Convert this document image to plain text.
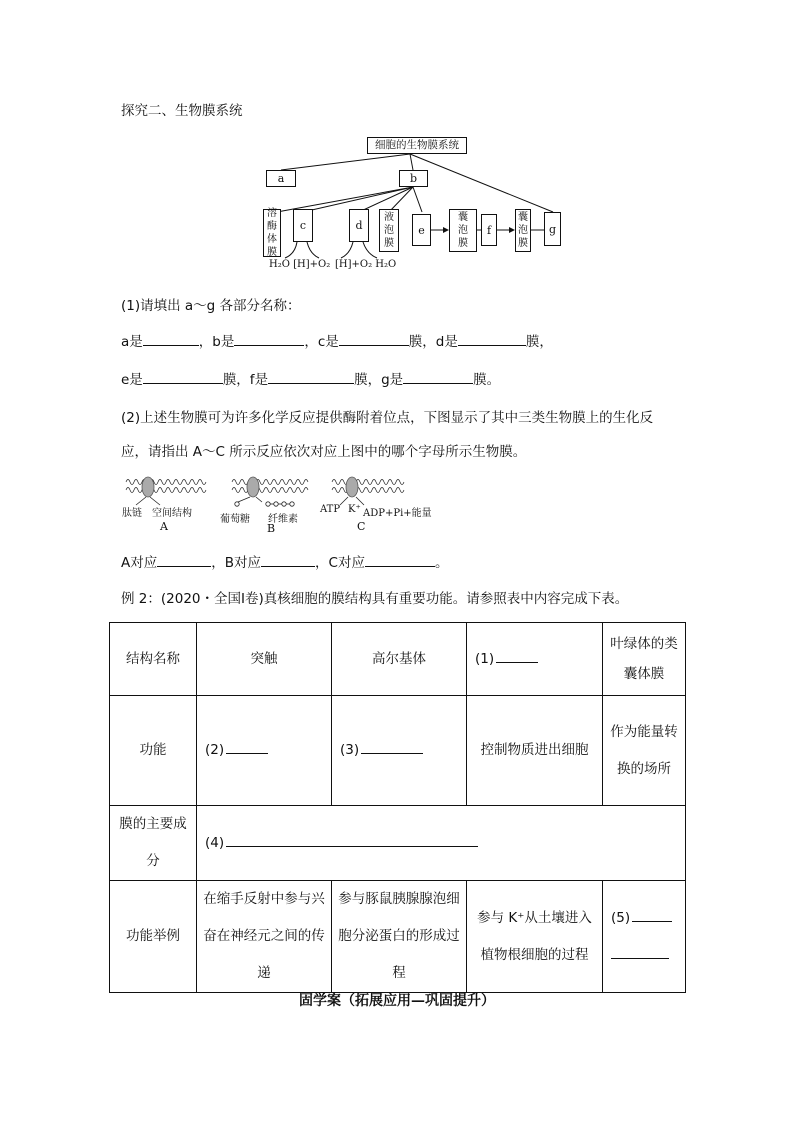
探究二、生物膜系统
细胞的生物膜系统
a	b
溶酶体膜
c	d
液泡膜
e
囊泡膜
f
囊泡膜
g
H₂O [H]+O₂ [H]+O₂ H₂O
(1)请填出 a～g 各部分名称：
a是	，b是	，c是	膜，d是	膜，
e是	膜，f是	膜，g是	膜。
(2)上述生物膜可为许多化学反应提供酶附着位点，下图显示了其中三类生物膜上的生化反
应，请指出 A～C 所示反应依次对应上图中的哪个字母所示生物膜。
肽链 空间结构
A
葡萄糖 纤维素
B
ATP K⁺ ADP+Pi+能量
C
A对应	，B对应	，C对应	。
例 2：(2020・全国Ⅰ卷)真核细胞的膜结构具有重要功能。请参照表中内容完成下表。
结构名称	突触	高尔基体	(1)	叶绿体的类囊体膜
功能	(2)	(3)	控制物质进出细胞	作为能量转换的场所
膜的主要成分	(4)			
功能举例	在缩手反射中参与兴奋在神经元之间的传递	参与豚鼠胰腺腺泡细胞分泌蛋白的形成过程	参与 K⁺从土壤进入植物根细胞的过程	(5)

固学案（拓展应用—巩固提升）
